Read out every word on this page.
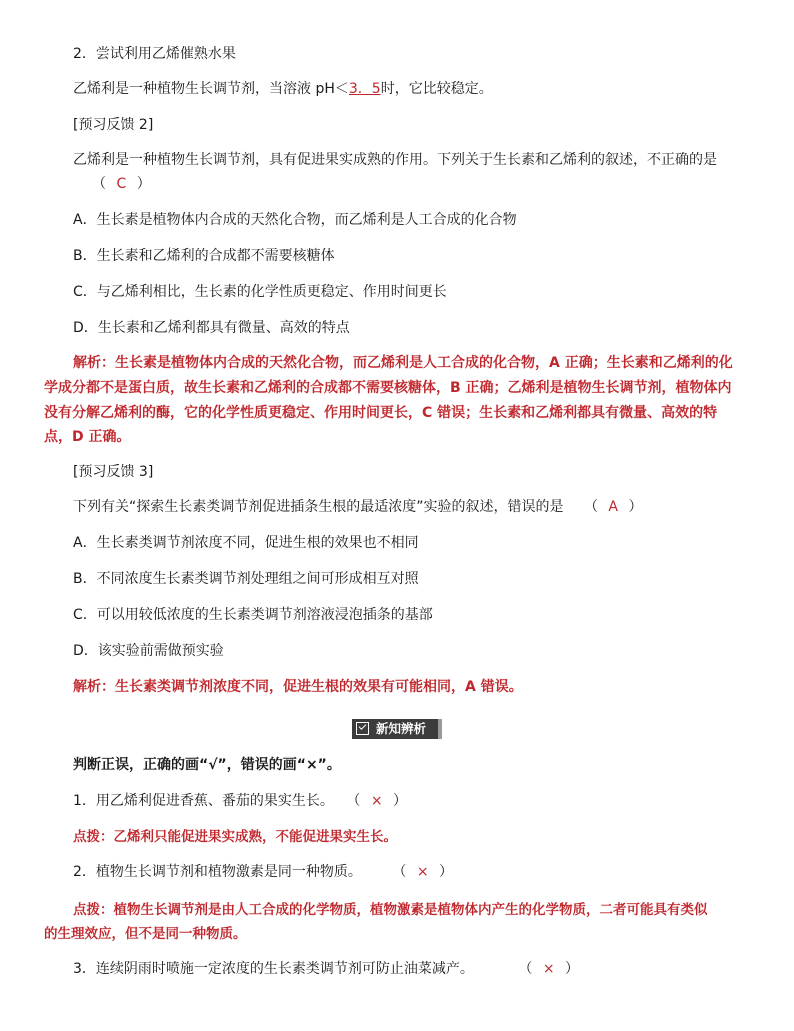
2．尝试利用乙烯催熟水果
乙烯利是一种植物生长调节剂，当溶液 pH＜3．5时，它比较稳定。
[预习反馈 2]
乙烯利是一种植物生长调节剂，具有促进果实成熟的作用。下列关于生长素和乙烯利的叙述，不正确的是
（ C ）
A．生长素是植物体内合成的天然化合物，而乙烯利是人工合成的化合物
B．生长素和乙烯利的合成都不需要核糖体
C．与乙烯利相比，生长素的化学性质更稳定、作用时间更长
D．生长素和乙烯利都具有微量、高效的特点
解析：生长素是植物体内合成的天然化合物，而乙烯利是人工合成的化合物，A 正确；生长素和乙烯利的化
学成分都不是蛋白质，故生长素和乙烯利的合成都不需要核糖体，B 正确；乙烯利是植物生长调节剂，植物体内
没有分解乙烯利的酶，它的化学性质更稳定、作用时间更长，C 错误；生长素和乙烯利都具有微量、高效的特
点，D 正确。
[预习反馈 3]
下列有关“探索生长素类调节剂促进插条生根的最适浓度”实验的叙述，错误的是 （ A ）
A．生长素类调节剂浓度不同，促进生根的效果也不相同
B．不同浓度生长素类调节剂处理组之间可形成相互对照
C．可以用较低浓度的生长素类调节剂溶液浸泡插条的基部
D．该实验前需做预实验
解析：生长素类调节剂浓度不同，促进生根的效果有可能相同，A 错误。
新知辨析
判断正误，正确的画“√”，错误的画“×”。
1．用乙烯利促进香蕉、番茄的果实生长。 （ × ）
点拨：乙烯利只能促进果实成熟，不能促进果实生长。
2．植物生长调节剂和植物激素是同一种物质。 （ × ）
点拨：植物生长调节剂是由人工合成的化学物质，植物激素是植物体内产生的化学物质，二者可能具有类似
的生理效应，但不是同一种物质。
3．连续阴雨时喷施一定浓度的生长素类调节剂可防止油菜减产。	（ × ）
